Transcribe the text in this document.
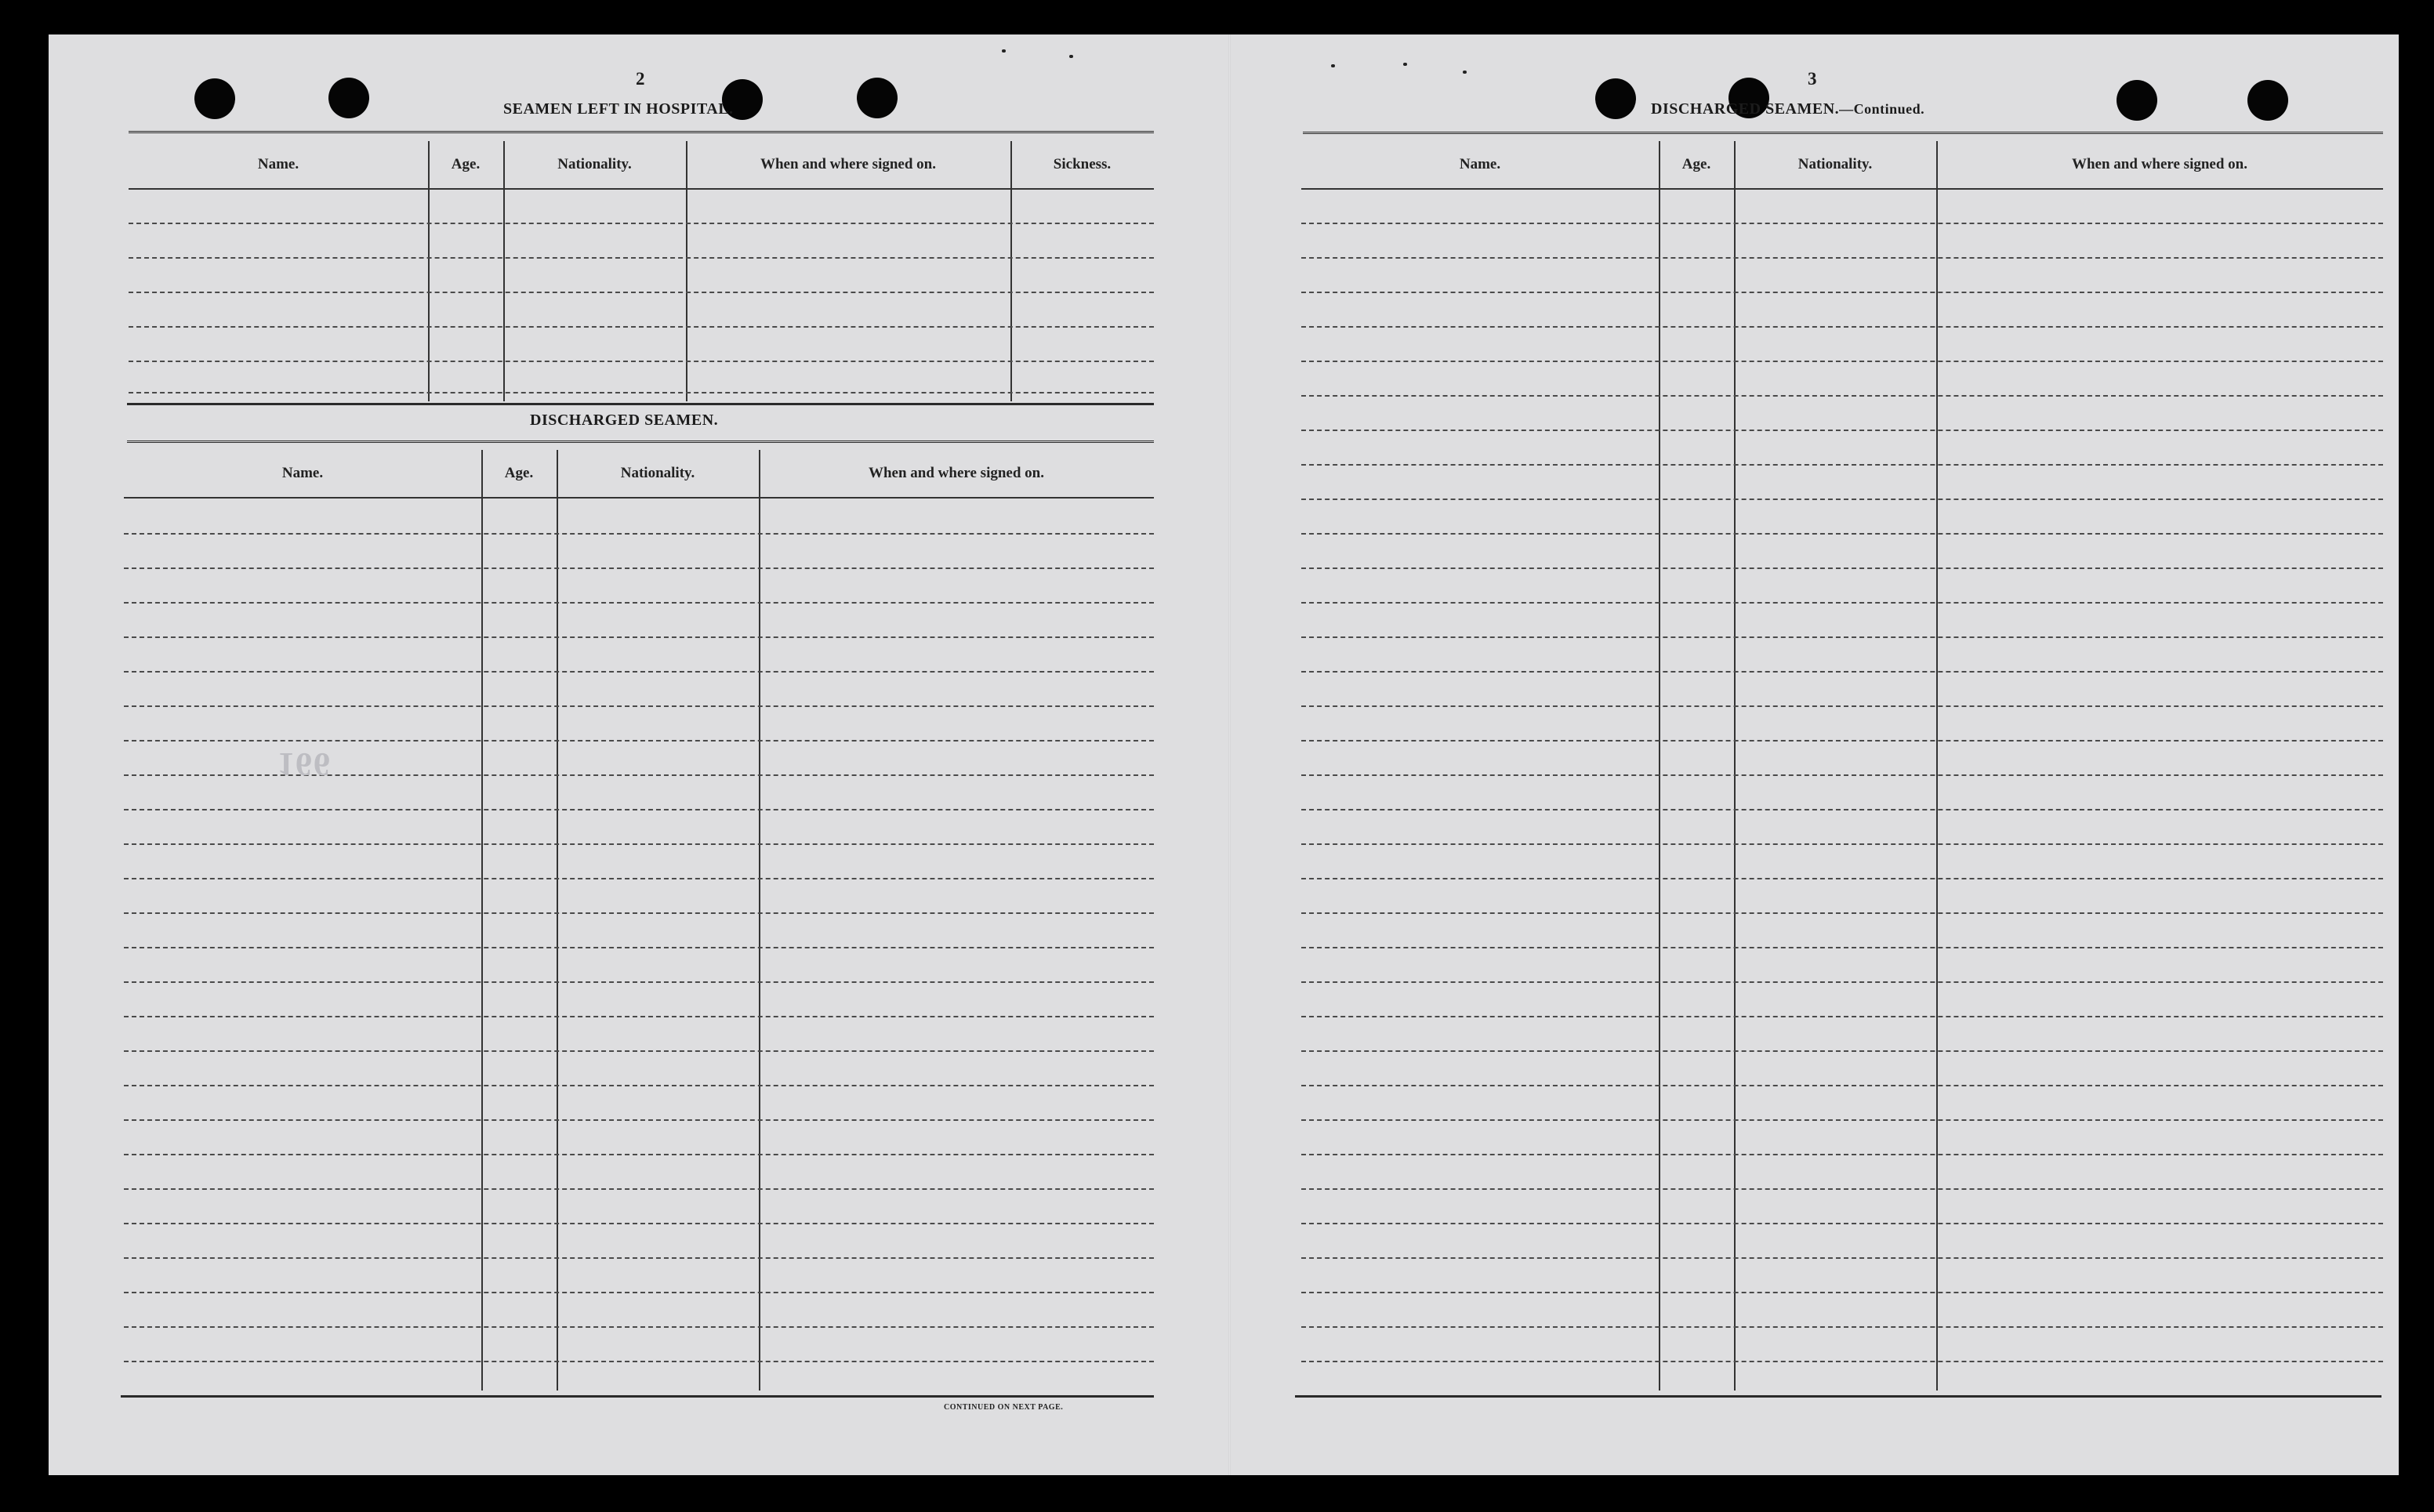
2
SEAMEN LEFT IN HOSPITAL.
Name.	Age.	Nationality.	When and where signed on.	Sickness.
DISCHARGED SEAMEN.
Name.	Age.	Nationality.	When and where signed on.
CONTINUED ON NEXT PAGE.
166
3
DISCHARGED SEAMEN.—Continued.
Name.	Age.	Nationality.	When and where signed on.
